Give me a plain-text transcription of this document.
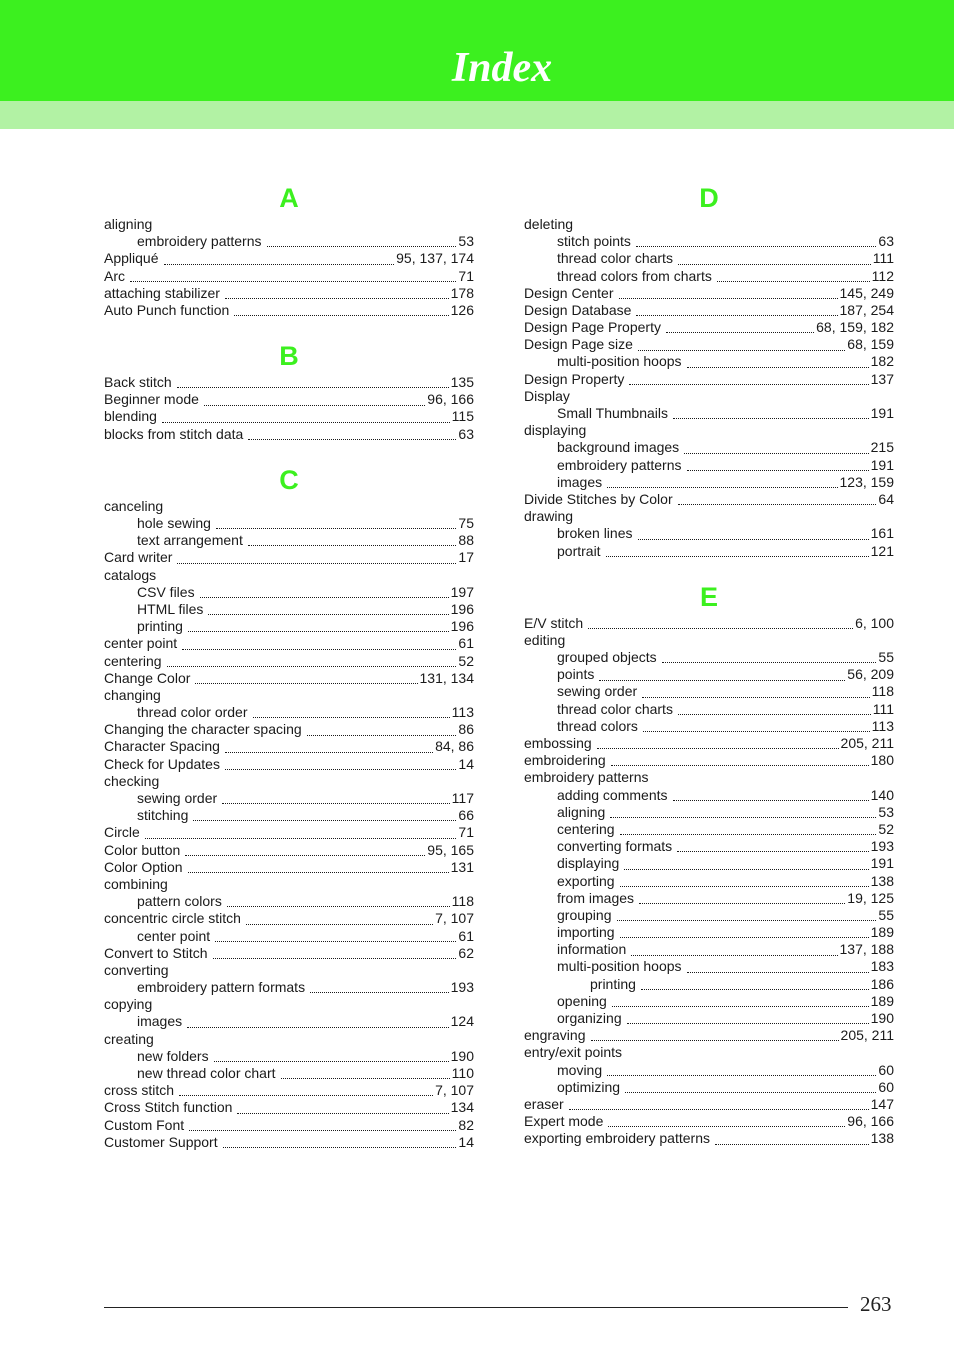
Index
A
aligning
embroidery patterns	53
Appliqué	95, 137, 174
Arc	71
attaching stabilizer	178
Auto Punch function	126
B
Back stitch	135
Beginner mode	96, 166
blending	115
blocks from stitch data	63
C
canceling
hole sewing	75
text arrangement	88
Card writer	17
catalogs
CSV files	197
HTML files	196
printing	196
center point	61
centering	52
Change Color	131, 134
changing
thread color order	113
Changing the character spacing	86
Character Spacing	84, 86
Check for Updates	14
checking
sewing order	117
stitching	66
Circle	71
Color button	95, 165
Color Option	131
combining
pattern colors	118
concentric circle stitch	7, 107
center point	61
Convert to Stitch	62
converting
embroidery pattern formats	193
copying
images	124
creating
new folders	190
new thread color chart	110
cross stitch	7, 107
Cross Stitch function	134
Custom Font	82
Customer Support	14
D
deleting
stitch points	63
thread color charts	111
thread colors from charts	112
Design Center	145, 249
Design Database	187, 254
Design Page Property	68, 159, 182
Design Page size	68, 159
multi-position hoops	182
Design Property	137
Display
Small Thumbnails	191
displaying
background images	215
embroidery patterns	191
images	123, 159
Divide Stitches by Color	64
drawing
broken lines	161
portrait	121
E
E/V stitch	6, 100
editing
grouped objects	55
points	56, 209
sewing order	118
thread color charts	111
thread colors	113
embossing	205, 211
embroidering	180
embroidery patterns
adding comments	140
aligning	53
centering	52
converting formats	193
displaying	191
exporting	138
from images	19, 125
grouping	55
importing	189
information	137, 188
multi-position hoops	183
printing	186
opening	189
organizing	190
engraving	205, 211
entry/exit points
moving	60
optimizing	60
eraser	147
Expert mode	96, 166
exporting embroidery patterns	138
263
